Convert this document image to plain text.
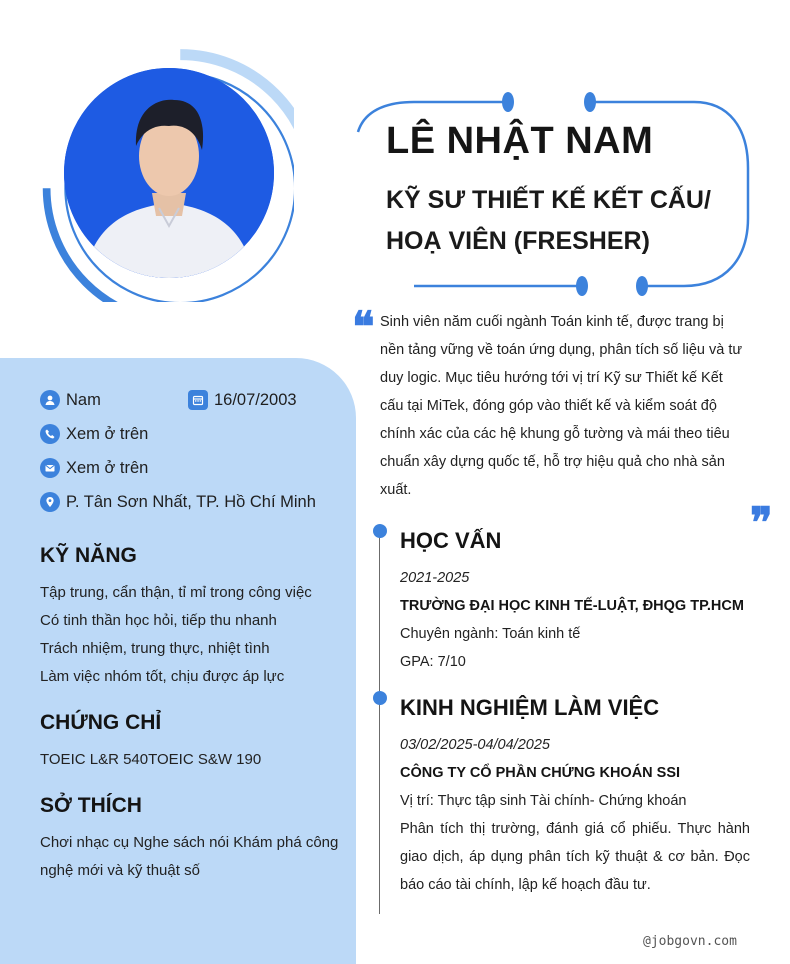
LÊ NHẬT NAM
KỸ SƯ THIẾT KẾ KẾT CẤU/
HOẠ VIÊN (FRESHER)
❞
❞
Sinh viên năm cuối ngành Toán kinh tế, được trang bị nền tảng vững về toán ứng dụng, phân tích số liệu và tư duy logic. Mục tiêu hướng tới vị trí Kỹ sư Thiết kế Kết cấu tại MiTek, đóng góp vào thiết kế và kiểm soát độ chính xác của các hệ khung gỗ tường và mái theo tiêu chuẩn xây dựng quốc tế, hỗ trợ hiệu quả cho nhà sản xuất.
Nam	16/07/2003
Xem ở trên
Xem ở trên
P. Tân Sơn Nhất, TP. Hồ Chí Minh
KỸ NĂNG
Tập trung, cẩn thận, tỉ mỉ trong công việc
Có tinh thần học hỏi, tiếp thu nhanh
Trách nhiệm, trung thực, nhiệt tình
Làm việc nhóm tốt, chịu được áp lực
CHỨNG CHỈ
TOEIC L&R 540TOEIC S&W 190
SỞ THÍCH
Chơi nhạc cụ Nghe sách nói Khám phá công
nghệ mới và kỹ thuật số
HỌC VẤN
2021-2025
TRƯỜNG ĐẠI HỌC KINH TẾ-LUẬT, ĐHQG TP.HCM
Chuyên ngành: Toán kinh tế
GPA: 7/10
KINH NGHIỆM LÀM VIỆC
03/02/2025-04/04/2025
CÔNG TY CỔ PHẦN CHỨNG KHOÁN SSI
Vị trí: Thực tập sinh Tài chính- Chứng khoán
Phân tích thị trường, đánh giá cổ phiếu. Thực hành giao dịch, áp dụng phân tích kỹ thuật & cơ bản. Đọc báo cáo tài chính, lập kế hoạch đầu tư.
@jobgovn.com
